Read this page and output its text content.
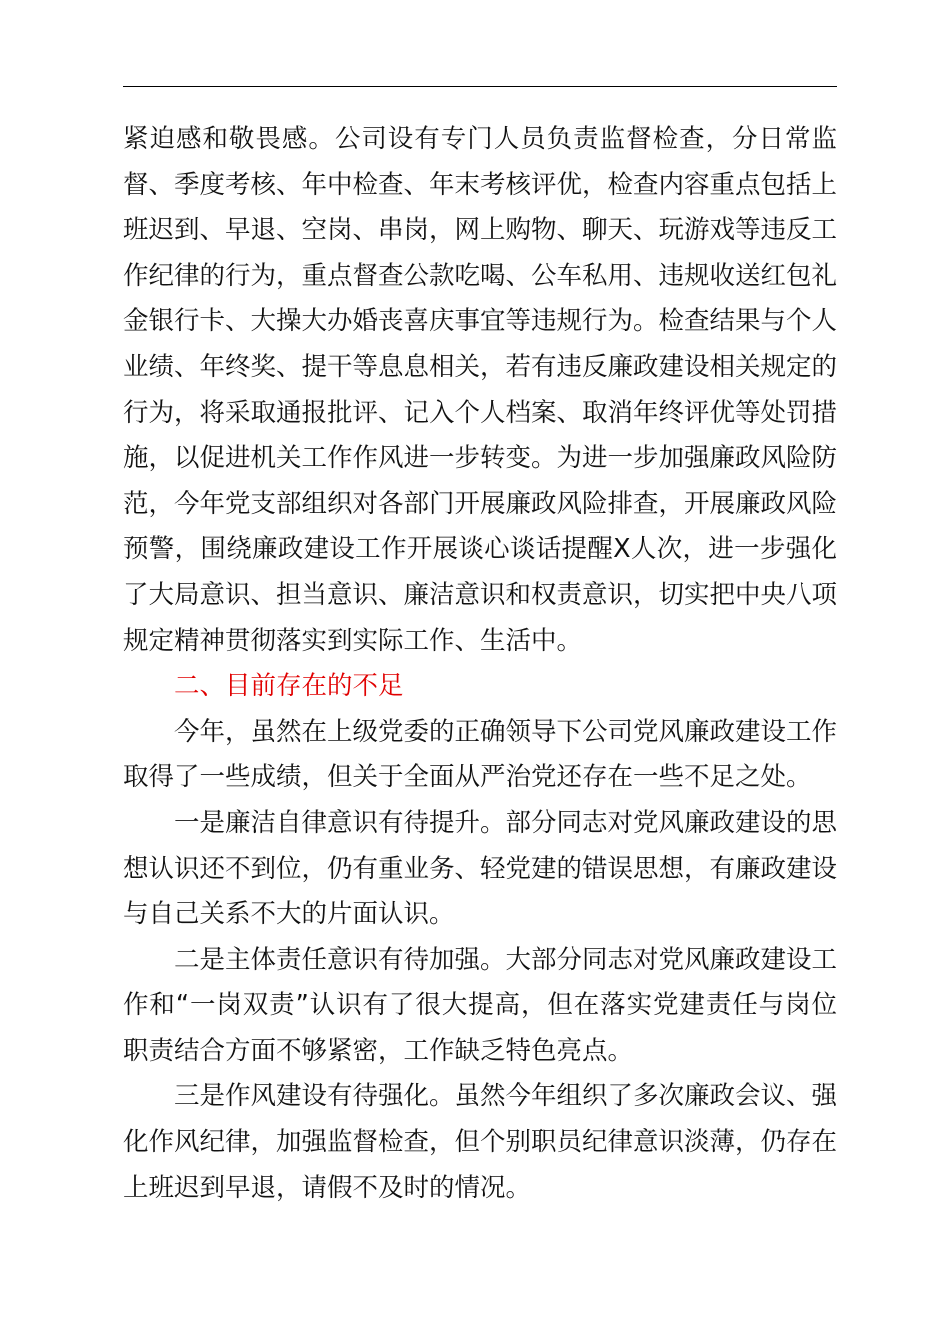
紧迫感和敬畏感。公司设有专门人员负责监督检查，分日常监督、季度考核、年中检查、年末考核评优，检查内容重点包括上班迟到、早退、空岗、串岗，网上购物、聊天、玩游戏等违反工作纪律的行为，重点督查公款吃喝、公车私用、违规收送红包礼金银行卡、大操大办婚丧喜庆事宜等违规行为。检查结果与个人业绩、年终奖、提干等息息相关，若有违反廉政建设相关规定的行为，将采取通报批评、记入个人档案、取消年终评优等处罚措施，以促进机关工作作风进一步转变。为进一步加强廉政风险防范，今年党支部组织对各部门开展廉政风险排查，开展廉政风险预警，围绕廉政建设工作开展谈心谈话提醒X人次，进一步强化了大局意识、担当意识、廉洁意识和权责意识，切实把中央八项规定精神贯彻落实到实际工作、生活中。

二、目前存在的不足

今年，虽然在上级党委的正确领导下公司党风廉政建设工作取得了一些成绩，但关于全面从严治党还存在一些不足之处。

一是廉洁自律意识有待提升。部分同志对党风廉政建设的思想认识还不到位，仍有重业务、轻党建的错误思想，有廉政建设与自己关系不大的片面认识。

二是主体责任意识有待加强。大部分同志对党风廉政建设工作和“一岗双责”认识有了很大提高，但在落实党建责任与岗位职责结合方面不够紧密，工作缺乏特色亮点。

三是作风建设有待强化。虽然今年组织了多次廉政会议、强化作风纪律，加强监督检查，但个别职员纪律意识淡薄，仍存在上班迟到早退，请假不及时的情况。
